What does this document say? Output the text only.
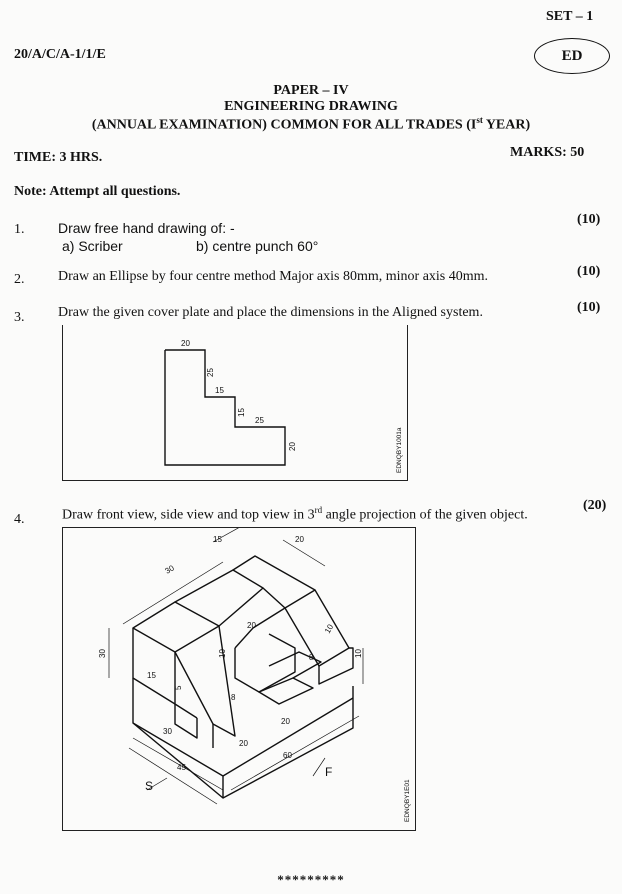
SET – 1
20/A/C/A-1/1/E	ED
PAPER – IV
ENGINEERING DRAWING
(ANNUAL EXAMINATION) COMMON FOR ALL TRADES (Ist YEAR)
TIME: 3 HRS.	MARKS: 50
Note: Attempt all questions.
1. Draw free hand drawing of: -
a) Scriber	b) centre punch 60°
(10)
2. Draw an Ellipse by four centre method Major axis 80mm, minor axis 40mm.	(10)
3. Draw the given cover plate and place the dimensions in the Aligned system.	(10)
20
25
15
15
25
20	EDNQBY1001a
4.	Draw front view, side view and top view in 3rd angle projection of the given object.
(20)
15
30
20
30
20
10
8
10
15
5
30
45
20
60
20
10
8
S
F
EDNQBY1E01
*********
